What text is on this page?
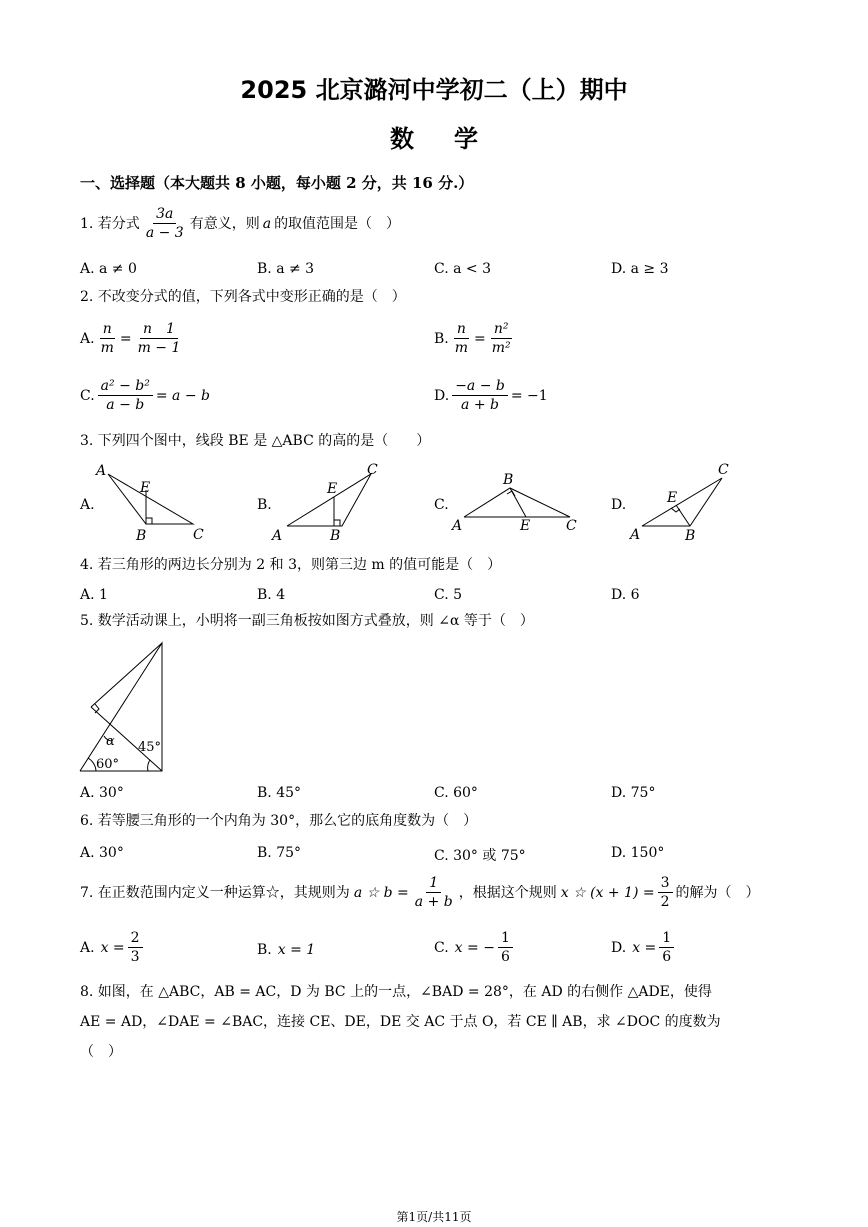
2025 北京潞河中学初二（上）期中
数学
一、选择题（本大题共 8 小题，每小题 2 分，共 16 分.）
1. 若分式 $\frac{3a}{a - 3}$ 有意义，则 a 的取值范围是（　）
A. a ≠ 0	B. a ≠ 3	C. a < 3	D. a ≥ 3
2. 不改变分式的值，下列各式中变形正确的是（　）
A. $\frac{n}{m} = \frac{n 1}{m - 1}$	B. $\frac{n}{m} = \frac{\text{n²}}{\text{m²}}$
C. $\frac{\text{a² − b²}}{a - b} = a - b$	D. $\frac{-a - b}{a + b} = -1$
3. 下列四个图中，线段 BE 是 △ABC 的高的是（　　）
A.	B.	C.	D.
A
E
B	C	A
E
B
C
A
B
E	C
A
E
B
C
α 45°
60°
4. 若三角形的两边长分别为 2 和 3，则第三边 m 的值可能是（　）
A. 1	B. 4	C. 5	D. 6
5. 数学活动课上，小明将一副三角板按如图方式叠放，则 ∠α 等于（　）
A. 30°	B. 45°	C. 60°	D. 75°
6. 若等腰三角形的一个内角为 30°，那么它的底角度数为（　）
A. 30°	B. 75°	C. 30° 或 75°	D. 150°
7. 在正数范围内定义一种运算☆，其规则为 a ☆ $b = \frac{1}{a + b}$ ，根据这个规则 x ☆ $(x + 1) = \frac{3}{2}$ 的解为（　）
A. $x = \frac{2}{3}$	B. x = 1	C. x = − $\frac{1}{6}$	D. $x = \frac{1}{6}$
8. 如图，在 △ABC，AB = AC，D 为 BC 上的一点，∠BAD = 28°，在 AD 的右侧作 △ADE，使得
AE = AD，∠DAE = ∠BAC，连接 CE、DE，DE 交 AC 于点 O，若 CE ∥ AB，求 ∠DOC 的度数为
（　）
第1页/共11页
